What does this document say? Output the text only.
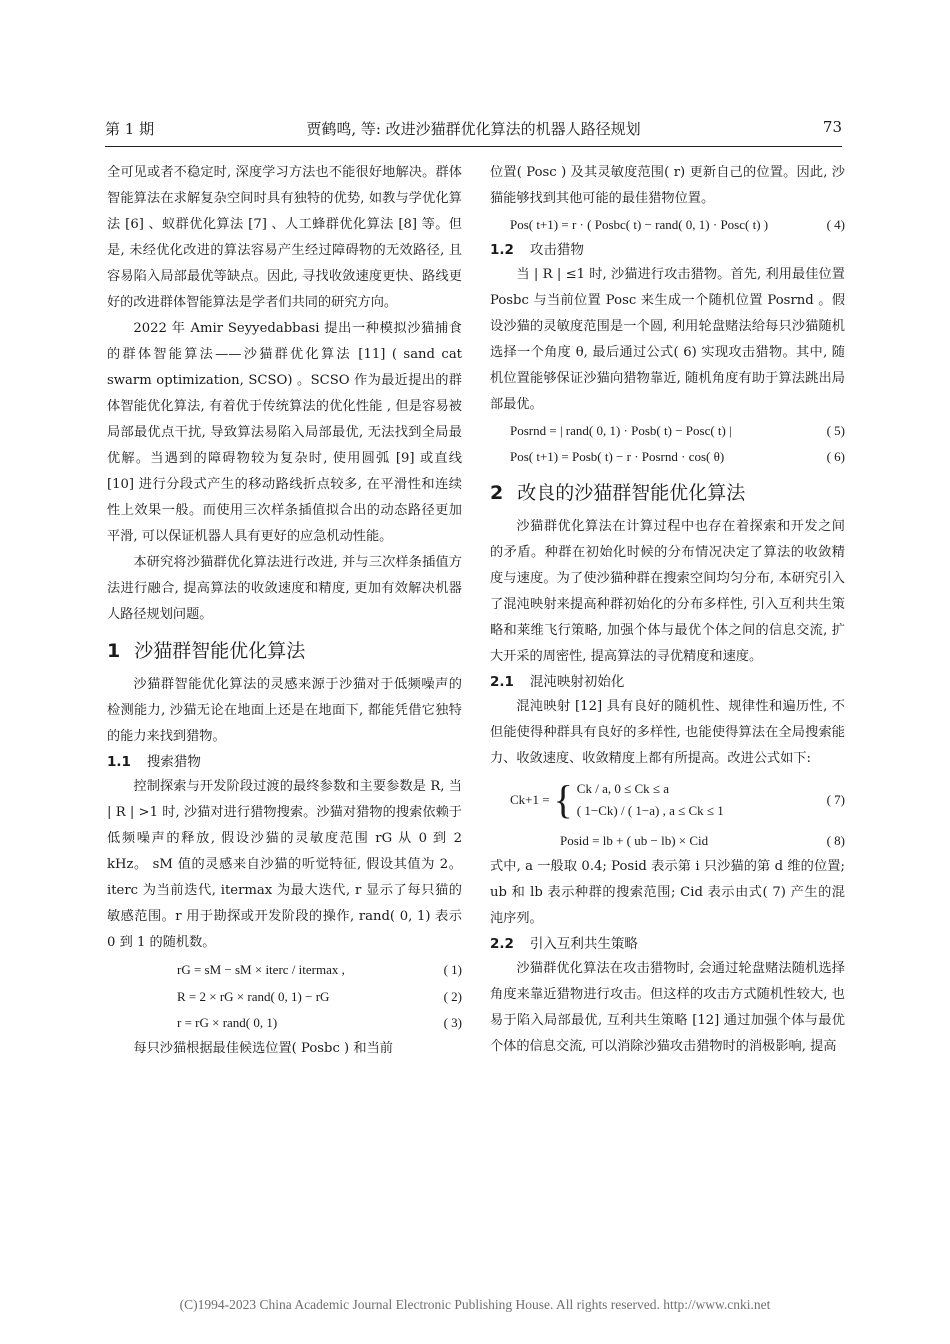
第 1 期	贾鹤鸣, 等: 改进沙猫群优化算法的机器人路径规划	73

全可见或者不稳定时, 深度学习方法也不能很好地解决。群体智能算法在求解复杂空间时具有独特的优势, 如教与学优化算法 [6] 、蚁群优化算法 [7] 、人工蜂群优化算法 [8] 等。但是, 未经优化改进的算法容易产生经过障碍物的无效路径, 且容易陷入局部最优等缺点。因此, 寻找收敛速度更快、路线更好的改进群体智能算法是学者们共同的研究方向。

2022 年 Amir Seyyedabbasi 提出一种模拟沙猫捕食的群体智能算法——沙猫群优化算法 [11] ( sand cat swarm optimization, SCSO) 。SCSO 作为最近提出的群体智能优化算法, 有着优于传统算法的优化性能 , 但是容易被局部最优点干扰, 导致算法易陷入局部最优, 无法找到全局最优解。当遇到的障碍物较为复杂时, 使用圆弧 [9] 或直线 [10] 进行分段式产生的移动路线折点较多, 在平滑性和连续性上效果一般。而使用三次样条插值拟合出的动态路径更加平滑, 可以保证机器人具有更好的应急机动性能。

本研究将沙猫群优化算法进行改进, 并与三次样条插值方法进行融合, 提高算法的收敛速度和精度, 更加有效解决机器人路径规划问题。

1 沙猫群智能优化算法

沙猫群智能优化算法的灵感来源于沙猫对于低频噪声的检测能力, 沙猫无论在地面上还是在地面下, 都能凭借它独特的能力来找到猎物。

1.1 搜索猎物

控制探索与开发阶段过渡的最终参数和主要参数是 R, 当 | R | >1 时, 沙猫对进行猎物搜索。沙猫对猎物的搜索依赖于低频噪声的释放, 假设沙猫的灵敏度范围 rG 从 0 到 2 kHz。 sM 值的灵感来自沙猫的听觉特征, 假设其值为 2。 iterc 为当前迭代, itermax 为最大迭代, r 显示了每只猫的敏感范围。r 用于勘探或开发阶段的操作, rand( 0, 1) 表示 0 到 1 的随机数。

rG = sM − sM × iterc / itermax ,	( 1)
R = 2 × rG × rand( 0, 1) − rG	( 2)
r = rG × rand( 0, 1)	( 3)

每只沙猫根据最佳候选位置( Posbc ) 和当前

位置( Posc ) 及其灵敏度范围( r) 更新自己的位置。因此, 沙猫能够找到其他可能的最佳猎物位置。

Pos( t+1) = r · ( Posbc( t) − rand( 0, 1) · Posc( t) )	( 4)
1.2 攻击猎物

当 | R | ≤1 时, 沙猫进行攻击猎物。首先, 利用最佳位置 Posbc 与当前位置 Posc 来生成一个随机位置 Posrnd 。假设沙猫的灵敏度范围是一个圆, 利用轮盘赌法给每只沙猫随机选择一个角度 θ, 最后通过公式( 6) 实现攻击猎物。其中, 随机位置能够保证沙猫向猎物靠近, 随机角度有助于算法跳出局部最优。

Posrnd = | rand( 0, 1) · Posb( t) − Posc( t) |	( 5)
Pos( t+1) = Posb( t) − r · Posrnd · cos( θ)	( 6)
2 改良的沙猫群智能优化算法

沙猫群优化算法在计算过程中也存在着探索和开发之间的矛盾。种群在初始化时候的分布情况决定了算法的收敛精度与速度。为了使沙猫种群在搜索空间均匀分布, 本研究引入了混沌映射来提高种群初始化的分布多样性, 引入互利共生策略和莱维飞行策略, 加强个体与最优个体之间的信息交流, 扩大开采的周密性, 提高算法的寻优精度和速度。

2.1 混沌映射初始化

混沌映射 [12] 具有良好的随机性、规律性和遍历性, 不但能使得种群具有良好的多样性, 也能使得算法在全局搜索能力、收敛速度、收敛精度上都有所提高。改进公式如下:

Ck+1 = { Ck / a, 0 ≤ Ck ≤ a
( 1−Ck) / ( 1−a) , a ≤ Ck ≤ 1
( 7)
Posid = lb + ( ub − lb) × Cid	( 8)

式中, a 一般取 0.4; Posid 表示第 i 只沙猫的第 d 维的位置; ub 和 lb 表示种群的搜索范围; Cid 表示由式( 7) 产生的混沌序列。

2.2 引入互利共生策略

沙猫群优化算法在攻击猎物时, 会通过轮盘赌法随机选择角度来靠近猎物进行攻击。但这样的攻击方式随机性较大, 也易于陷入局部最优, 互利共生策略 [12] 通过加强个体与最优个体的信息交流, 可以消除沙猫攻击猎物时的消极影响, 提高

(C)1994-2023 China Academic Journal Electronic Publishing House. All rights reserved. http://www.cnki.net
